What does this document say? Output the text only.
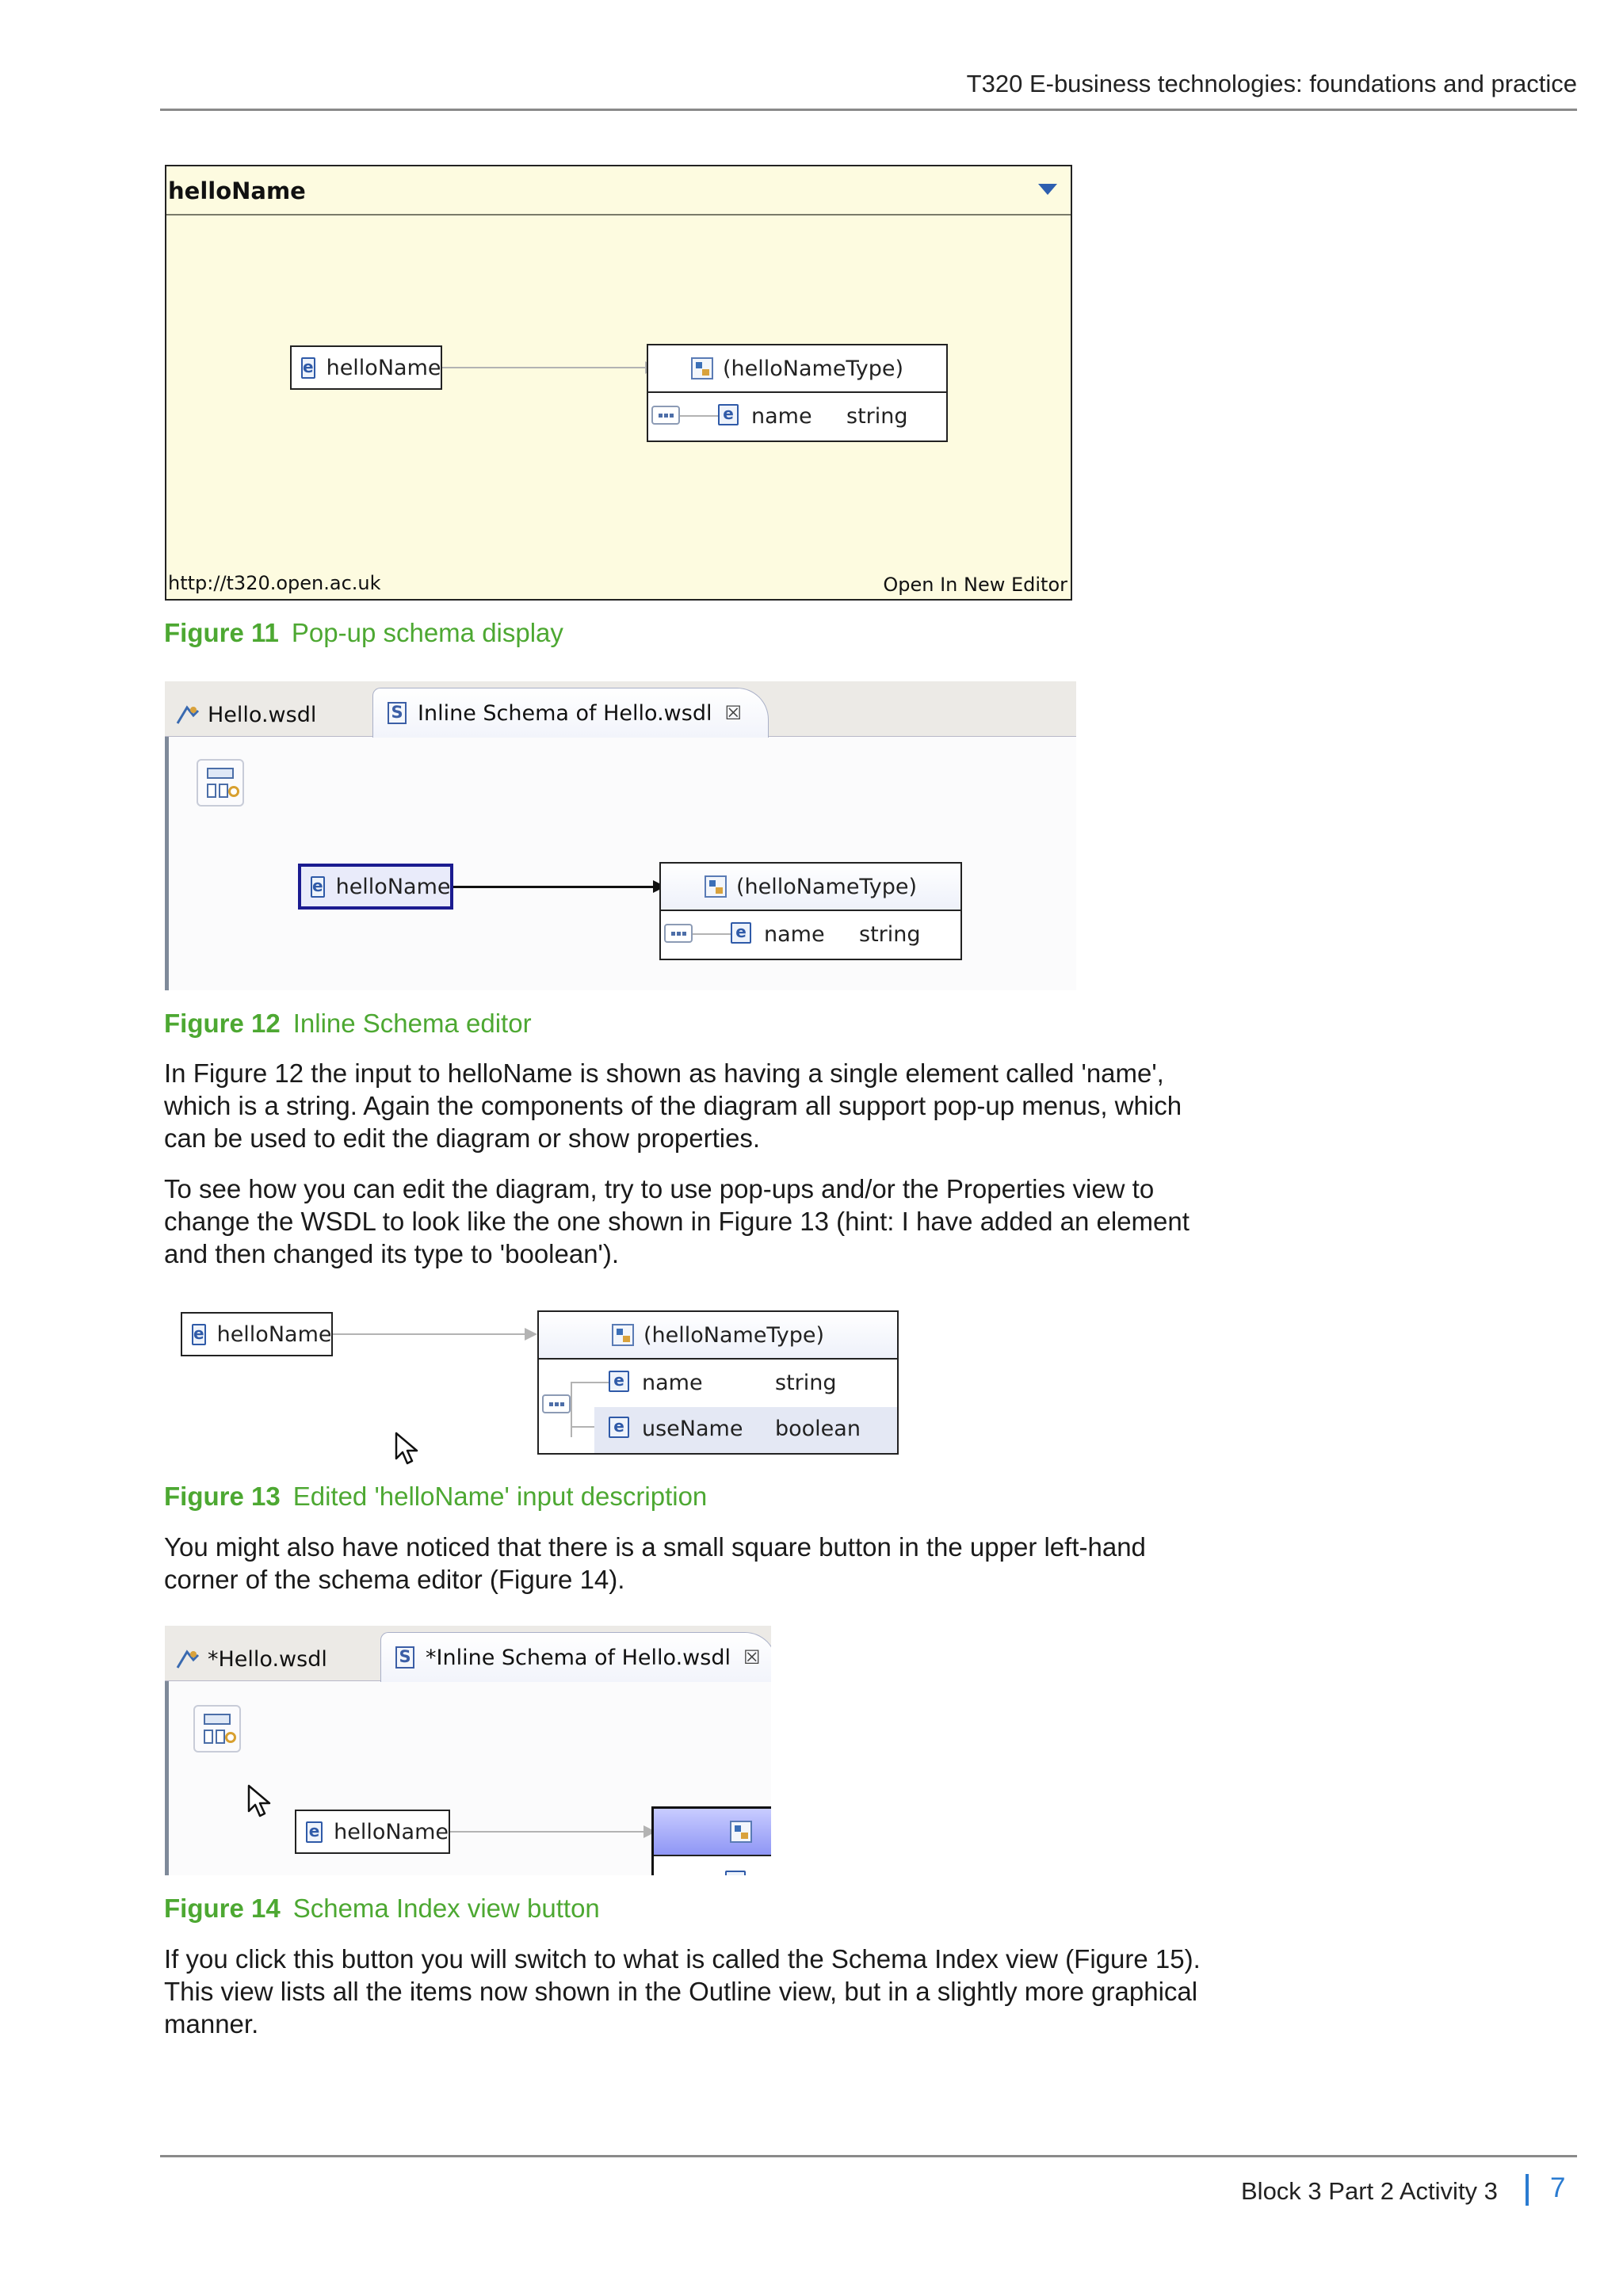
T320 E-business technologies: foundations and practice
helloName
e helloName	(helloNameType)
e name string
http://t320.open.ac.uk	Open In New Editor
Figure 11 Pop-up schema display
Hello.wsdl	S Inline Schema of Hello.wsdl ☒
e helloName	(helloNameType)
e name string
Figure 12 Inline Schema editor

In Figure 12 the input to helloName is shown as having a single element called 'name', which is a string. Again the components of the diagram all support pop-up menus, which can be used to edit the diagram or show properties.

To see how you can edit the diagram, try to use pop-ups and/or the Properties view to change the WSDL to look like the one shown in Figure 13 (hint: I have added an element and then changed its type to 'boolean').

e helloName	(helloNameType)
e name	string
e useName boolean
Figure 13 Edited 'helloName' input description

You might also have noticed that there is a small square button in the upper left-hand corner of the schema editor (Figure 14).

*Hello.wsdl	S *Inline Schema of Hello.wsdl ☒
e helloName
Figure 14 Schema Index view button

If you click this button you will switch to what is called the Schema Index view (Figure 15). This view lists all the items now shown in the Outline view, but in a slightly more graphical manner.

Block 3 Part 2 Activity 3 7
